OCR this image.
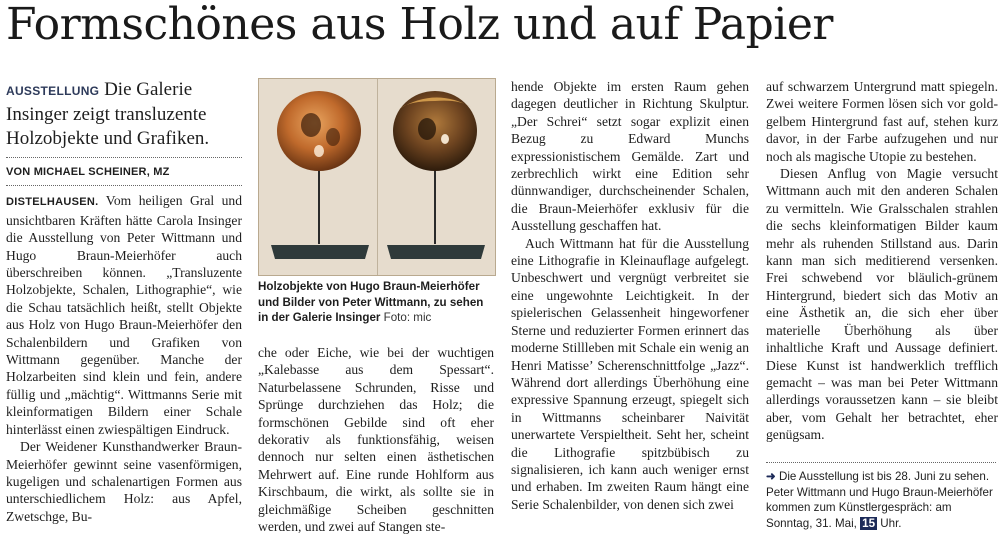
Formschönes aus Holz und auf Papier
AUSSTELLUNG Die Galerie Insinger zeigt transluzente Holzobjekte und Grafiken.
VON MICHAEL SCHEINER, MZ

DISTELHAUSEN. Vom heiligen Gral und unsichtbaren Kräften hätte Carola Insinger die Ausstellung von Peter Wittmann und Hugo Braun-Meierhöfer auch überschreiben können. „Transluzente Holzobjekte, Schalen, Lithographie“, wie die Schau tatsächlich heißt, stellt Objekte aus Holz von Hugo Braun-Meierhöfer den Schalenbildern und Grafiken von Wittmann gegenüber. Manche der Holzarbeiten sind klein und fein, andere füllig und „mächtig“. Wittmanns Serie mit kleinformatigen Bildern einer Schale hinterlässt einen zwiespältigen Eindruck.

Der Weidener Kunsthandwerker Braun-Meierhöfer gewinnt seine vasenförmigen, kugeligen und schalenartigen Formen aus unterschiedlichem Holz: aus Apfel, Zwetschge, Bu-

Holzobjekte von Hugo Braun-Meierhöfer und Bilder von Peter Wittmann, zu sehen in der Galerie Insinger Foto: mic

che oder Eiche, wie bei der wuchtigen „Kalebasse aus dem Spessart“. Naturbelassene Schrunden, Risse und Sprünge durchziehen das Holz; die formschönen Gebilde sind oft eher dekorativ als funktionsfähig, weisen dennoch nur selten einen ästhetischen Mehrwert auf. Eine runde Hohlform aus Kirschbaum, die wirkt, als sollte sie in gleichmäßige Scheiben geschnitten werden, und zwei auf Stangen ste-

hende Objekte im ersten Raum gehen dagegen deutlicher in Richtung Skulptur. „Der Schrei“ setzt sogar explizit einen Bezug zu Edward Munchs expressionistischem Gemälde. Zart und zerbrechlich wirkt eine Edition sehr dünnwandiger, durchscheinender Schalen, die Braun-Meierhöfer exklusiv für die Ausstellung geschaffen hat.

Auch Wittmann hat für die Ausstellung eine Lithografie in Kleinauflage aufgelegt. Unbeschwert und vergnügt verbreitet sie eine ungewohnte Leichtigkeit. In der spielerischen Gelassenheit hingeworfener Sterne und reduzierter Formen erinnert das moderne Stillleben mit Schale ein wenig an Henri Matisse’ Scherenschnittfolge „Jazz“. Während dort allerdings Überhöhung eine expressive Spannung erzeugt, spiegelt sich in Wittmanns scheinbarer Naivität unerwartete Verspieltheit. Seht her, scheint die Lithografie spitzbübisch zu signalisieren, ich kann auch weniger ernst und erhaben. Im zweiten Raum hängt eine Serie Schalenbilder, von denen sich zwei

auf schwarzem Untergrund matt spiegeln. Zwei weitere Formen lösen sich vor gold-gelbem Hintergrund fast auf, stehen kurz davor, in der Farbe aufzugehen und nur noch als magische Utopie zu bestehen.

Diesen Anflug von Magie versucht Wittmann auch mit den anderen Schalen zu vermitteln. Wie Gralsschalen strahlen die sechs kleinformatigen Bilder kaum mehr als ruhenden Stillstand aus. Darin kann man sich meditierend versenken. Frei schwebend vor bläulich-grünem Hintergrund, biedert sich das Motiv an eine Ästhetik an, die sich eher über materielle Überhöhung als über inhaltliche Kraft und Aussage definiert. Diese Kunst ist handwerklich trefflich gemacht – was man bei Peter Wittmann allerdings voraussetzen kann – sie bleibt aber, vom Gehalt her betrachtet, eher genügsam.

➜ Die Ausstellung ist bis 28. Juni zu sehen. Peter Wittmann und Hugo Braun-Meierhöfer kommen zum Künstlergespräch: am Sonntag, 31. Mai, 15 Uhr.
